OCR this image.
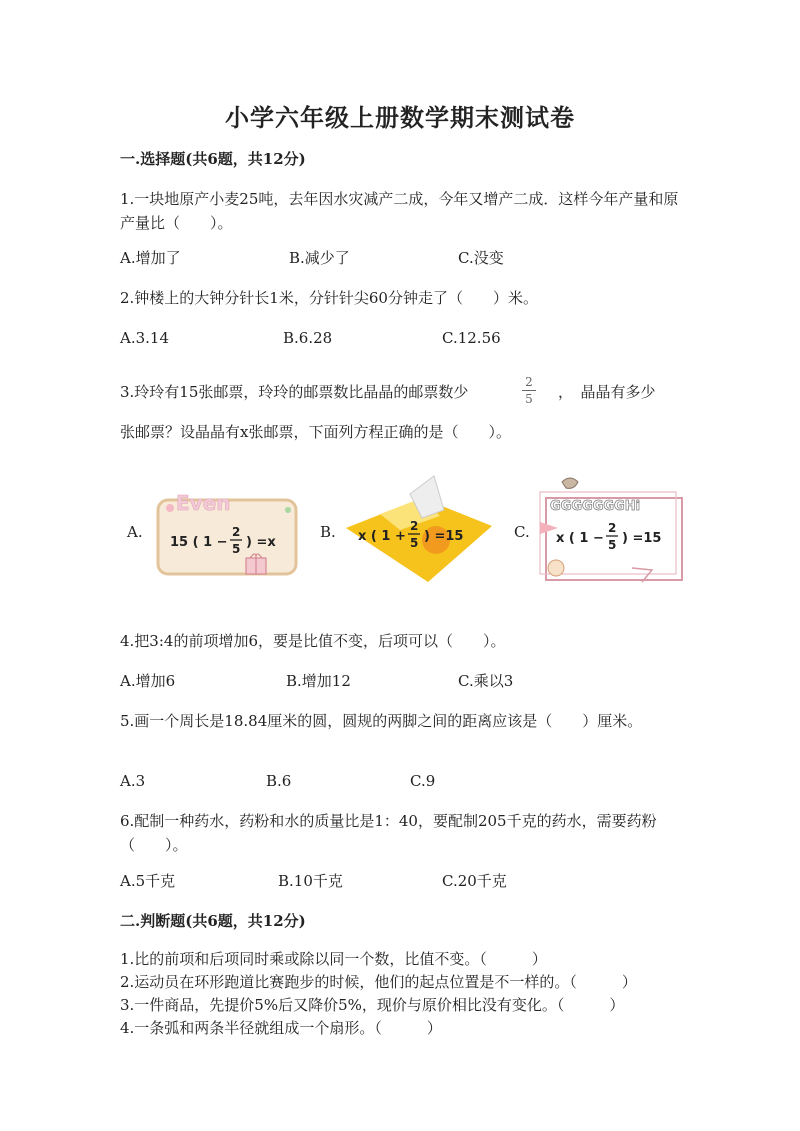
小学六年级上册数学期末测试卷
一.选择题(共6题，共12分)
1.一块地原产小麦25吨，去年因水灾减产二成，今年又增产二成．这样今年产量和原产量比（　　）。
A.增加了	B.减少了	C.没变
2.钟楼上的大钟分针长1米，分针针尖60分钟走了（　　）米。
A.3.14	B.6.28	C.12.56
3.玲玲有15张邮票，玲玲的邮票数比晶晶的邮票数少
2
5 ，　晶晶有多少
张邮票？设晶晶有x张邮票，下面列方程正确的是（　　）。
A.
Even
15 ( 1 −
2
5 ) =x
B. x ( 1 +
2
5 ) =15	C.
GGGGGGGHi
x ( 1 −
2
5 ) =15
4.把3:4的前项增加6，要是比值不变，后项可以（　　）。
A.增加6	B.增加12	C.乘以3
5.画一个周长是18.84厘米的圆，圆规的两脚之间的距离应该是（　　）厘米。
A.3	B.6	C.9
6.配制一种药水，药粉和水的质量比是1：40，要配制205千克的药水，需要药粉（　　）。
A.5千克	B.10千克	C.20千克
二.判断题(共6题，共12分)
1.比的前项和后项同时乘或除以同一个数，比值不变。（　　　）
2.运动员在环形跑道比赛跑步的时候，他们的起点位置是不一样的。（　　　）
3.一件商品，先提价5%后又降价5%，现价与原价相比没有变化。（　　　）
4.一条弧和两条半径就组成一个扇形。（　　　）
